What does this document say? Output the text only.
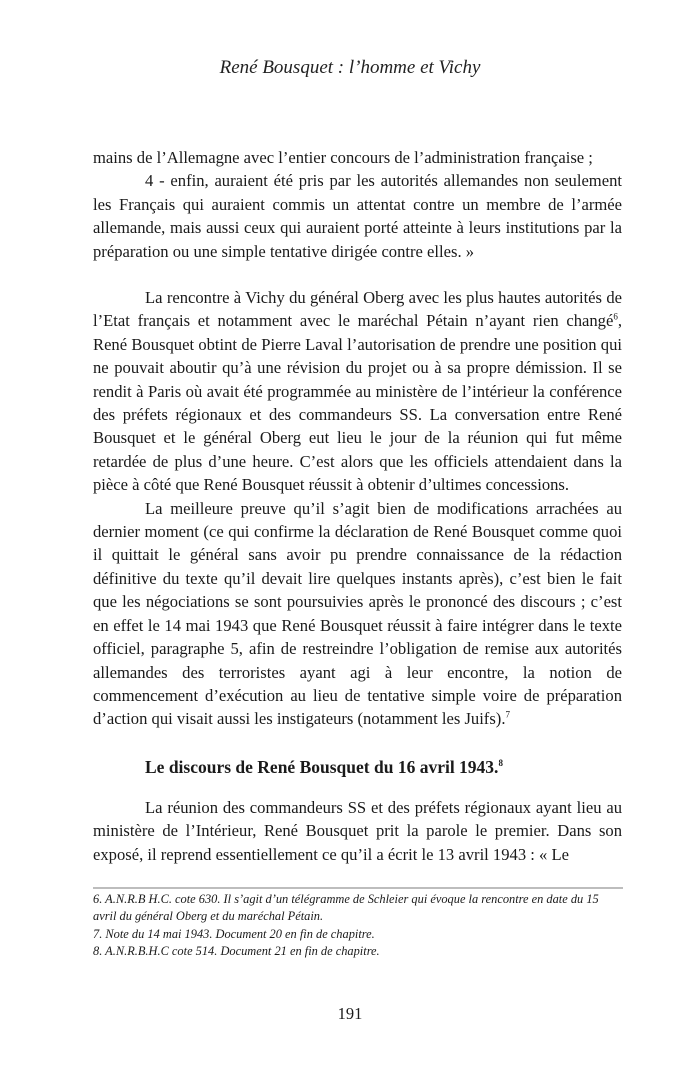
René Bousquet : l’homme et Vichy

mains de l’Allemagne avec l’entier concours de l’administration française ;

4 - enfin, auraient été pris par les autorités allemandes non seulement les Français qui auraient commis un attentat contre un membre de l’armée allemande, mais aussi ceux qui auraient porté atteinte à leurs institutions par la préparation ou une simple tentative dirigée contre elles. »

La rencontre à Vichy du général Oberg avec les plus hautes autorités de l’Etat français et notamment avec le maréchal Pétain n’ayant rien changé$^6$, René Bousquet obtint de Pierre Laval l’autorisation de prendre une position qui ne pouvait aboutir qu’à une révision du projet ou à sa propre démission. Il se rendit à Paris où avait été programmée au ministère de l’intérieur la conférence des préfets régionaux et des commandeurs SS. La conversation entre René Bousquet et le général Oberg eut lieu le jour de la réunion qui fut même retardée de plus d’une heure. C’est alors que les officiels attendaient dans la pièce à côté que René Bousquet réussit à obtenir d’ultimes concessions.

La meilleure preuve qu’il s’agit bien de modifications arrachées au dernier moment (ce qui confirme la déclaration de René Bousquet comme quoi il quittait le général sans avoir pu prendre connaissance de la rédaction définitive du texte qu’il devait lire quelques instants après), c’est bien le fait que les négociations se sont poursuivies après le prononcé des discours ; c’est en effet le 14 mai 1943 que René Bousquet réussit à faire intégrer dans le texte officiel, paragraphe 5, afin de restreindre l’obligation de remise aux autorités allemandes des terroristes ayant agi à leur encontre, la notion de commencement d’exécution au lieu de tentative simple voire de préparation d’action qui visait aussi les instigateurs (notamment les Juifs).$^7$

Le discours de René Bousquet du 16 avril 1943.$^8$

La réunion des commandeurs SS et des préfets régionaux ayant lieu au ministère de l’Intérieur, René Bousquet prit la parole le premier. Dans son exposé, il reprend essentiellement ce qu’il a écrit le 13 avril 1943 : « Le

6. A.N.R.B H.C. cote 630. Il s’agit d’un télégramme de Schleier qui évoque la rencontre en date du 15 avril du général Oberg et du maréchal Pétain.

7. Note du 14 mai 1943. Document 20 en fin de chapitre.

8. A.N.R.B.H.C cote 514. Document 21 en fin de chapitre.

191
